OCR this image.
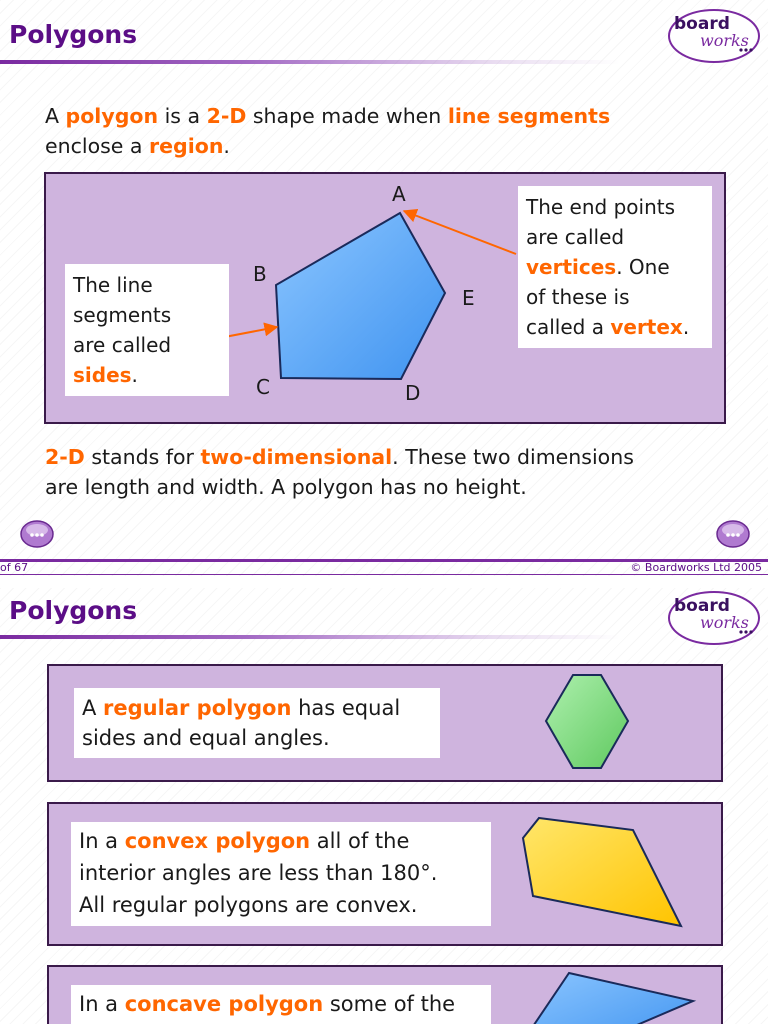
Polygons	board
works
A polygon is a 2-D shape made when line segments
enclose a region.
A
B
C	D
E
The line
segments
are called
sides.
The end points
are called
vertices. One
of these is
called a vertex.
2-D stands for two-dimensional. These two dimensions
are length and width. A polygon has no height.
of 67	© Boardworks Ltd 2005
Polygons	board
works
A regular polygon has equal
sides and equal angles.
In a convex polygon all of the
interior angles are less than 180°.
All regular polygons are convex.
In a concave polygon some of the
